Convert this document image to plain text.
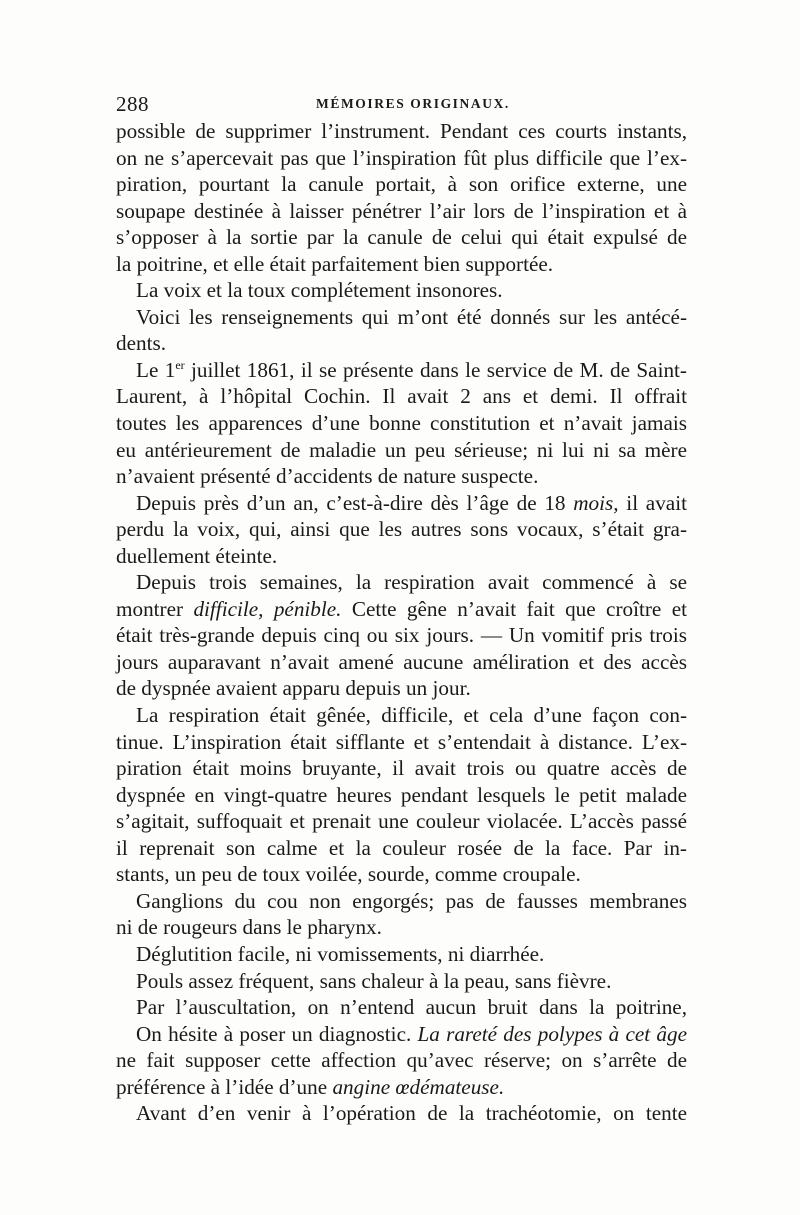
288	MÉMOIRES ORIGINAUX.
possible de supprimer l’instrument. Pendant ces courts instants,
on ne s’apercevait pas que l’inspiration fût plus difficile que l’ex-
piration, pourtant la canule portait, à son orifice externe, une
soupape destinée à laisser pénétrer l’air lors de l’inspiration et à
s’opposer à la sortie par la canule de celui qui était expulsé de
la poitrine, et elle était parfaitement bien supportée.
La voix et la toux complétement insonores.
Voici les renseignements qui m’ont été donnés sur les antécé-
dents.
Le 1er juillet 1861, il se présente dans le service de M. de Saint-
Laurent, à l’hôpital Cochin. Il avait 2 ans et demi. Il offrait
toutes les apparences d’une bonne constitution et n’avait jamais
eu antérieurement de maladie un peu sérieuse; ni lui ni sa mère
n’avaient présenté d’accidents de nature suspecte.
Depuis près d’un an, c’est-à-dire dès l’âge de 18 mois, il avait
perdu la voix, qui, ainsi que les autres sons vocaux, s’était gra-
duellement éteinte.
Depuis trois semaines, la respiration avait commencé à se
montrer difficile, pénible. Cette gêne n’avait fait que croître et
était très-grande depuis cinq ou six jours. — Un vomitif pris trois
jours auparavant n’avait amené aucune améliration et des accès
de dyspnée avaient apparu depuis un jour.
La respiration était gênée, difficile, et cela d’une façon con-
tinue. L’inspiration était sifflante et s’entendait à distance. L’ex-
piration était moins bruyante, il avait trois ou quatre accès de
dyspnée en vingt-quatre heures pendant lesquels le petit malade
s’agitait, suffoquait et prenait une couleur violacée. L’accès passé
il reprenait son calme et la couleur rosée de la face. Par in-
stants, un peu de toux voilée, sourde, comme croupale.
Ganglions du cou non engorgés; pas de fausses membranes
ni de rougeurs dans le pharynx.
Déglutition facile, ni vomissements, ni diarrhée.
Pouls assez fréquent, sans chaleur à la peau, sans fièvre.
Par l’auscultation, on n’entend aucun bruit dans la poitrine,
On hésite à poser un diagnostic. La rareté des polypes à cet âge
ne fait supposer cette affection qu’avec réserve; on s’arrête de
préférence à l’idée d’une angine œdémateuse.
Avant d’en venir à l’opération de la trachéotomie, on tente
